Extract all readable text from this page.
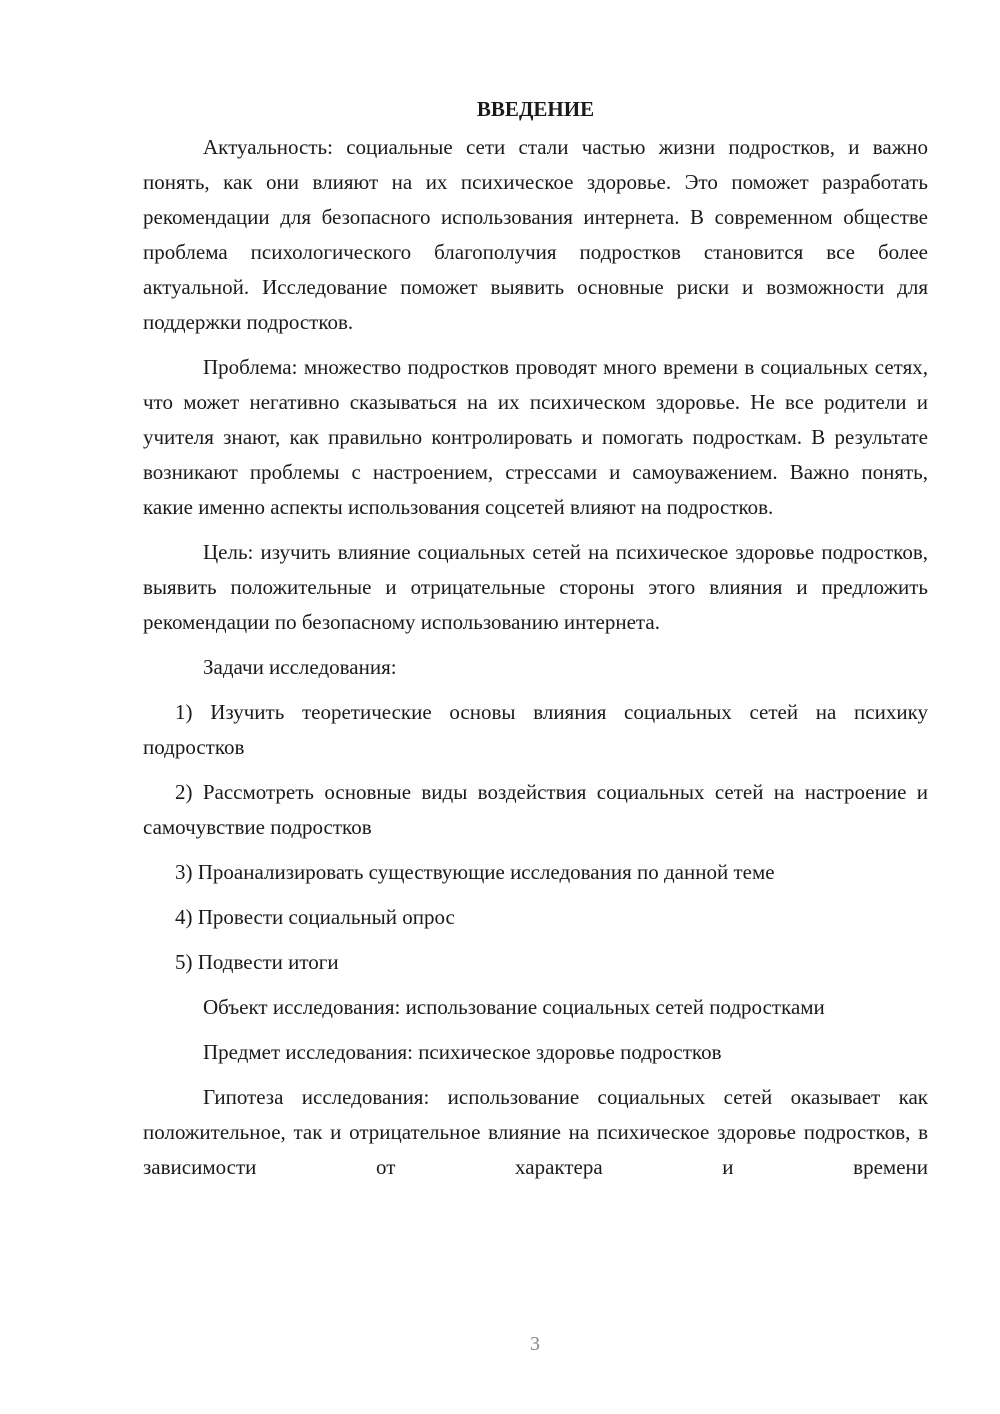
ВВЕДЕНИЕ

Актуальность: социальные сети стали частью жизни подростков, и важно понять, как они влияют на их психическое здоровье. Это поможет разработать рекомендации для безопасного использования интернета. В современном обществе проблема психологического благополучия подростков становится все более актуальной. Исследование поможет выявить основные риски и возможности для поддержки подростков.

Проблема: множество подростков проводят много времени в социальных сетях, что может негативно сказываться на их психическом здоровье. Не все родители и учителя знают, как правильно контролировать и помогать подросткам. В результате возникают проблемы с настроением, стрессами и самоуважением. Важно понять, какие именно аспекты использования соцсетей влияют на подростков.

Цель: изучить влияние социальных сетей на психическое здоровье подростков, выявить положительные и отрицательные стороны этого влияния и предложить рекомендации по безопасному использованию интернета.

Задачи исследования:

1) Изучить теоретические основы влияния социальных сетей на психику подростков

2) Рассмотреть основные виды воздействия социальных сетей на настроение и самочувствие подростков

3) Проанализировать существующие исследования по данной теме

4) Провести социальный опрос

5) Подвести итоги

Объект исследования: использование социальных сетей подростками

Предмет исследования: психическое здоровье подростков

Гипотеза исследования: использование социальных сетей оказывает как положительное, так и отрицательное влияние на психическое здоровье подростков, в зависимости от характера и времени

3
